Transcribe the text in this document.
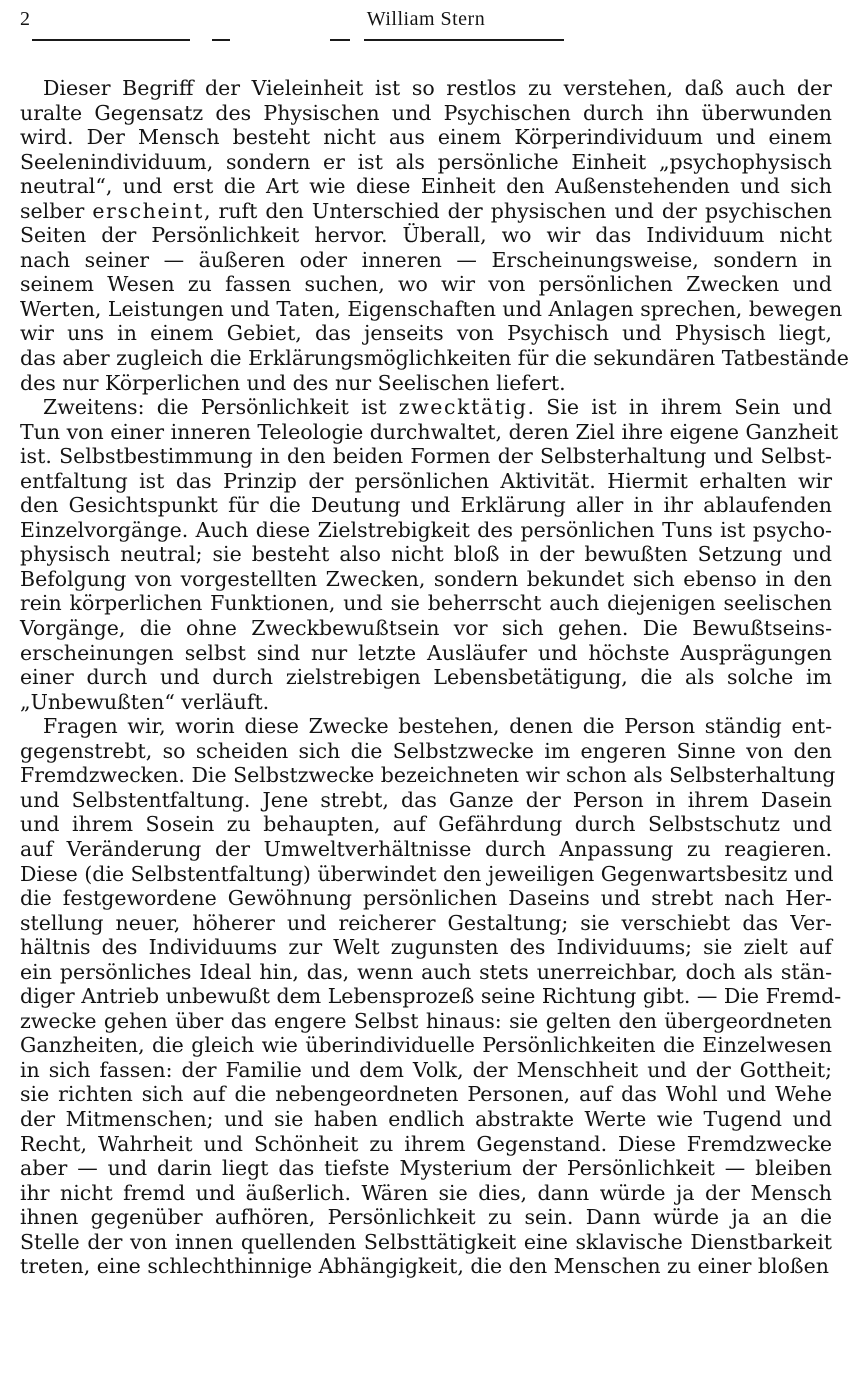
2	William Stern
Dieser Begriff der Vieleinheit ist so restlos zu verstehen, daß auch der
uralte Gegensatz des Physischen und Psychischen durch ihn überwunden
wird. Der Mensch besteht nicht aus einem Körperindividuum und einem
Seelenindividuum, sondern er ist als persönliche Einheit „psychophysisch
neutral“, und erst die Art wie diese Einheit den Außenstehenden und sich
selber erscheint, ruft den Unterschied der physischen und der psychischen
Seiten der Persönlichkeit hervor. Überall, wo wir das Individuum nicht
nach seiner — äußeren oder inneren — Erscheinungsweise, sondern in
seinem Wesen zu fassen suchen, wo wir von persönlichen Zwecken und
Werten, Leistungen und Taten, Eigenschaften und Anlagen sprechen, bewegen
wir uns in einem Gebiet, das jenseits von Psychisch und Physisch liegt,
das aber zugleich die Erklärungsmöglichkeiten für die sekundären Tatbestände
des nur Körperlichen und des nur Seelischen liefert.
Zweitens: die Persönlichkeit ist zwecktätig. Sie ist in ihrem Sein und
Tun von einer inneren Teleologie durchwaltet, deren Ziel ihre eigene Ganzheit
ist. Selbstbestimmung in den beiden Formen der Selbsterhaltung und Selbst-
entfaltung ist das Prinzip der persönlichen Aktivität. Hiermit erhalten wir
den Gesichtspunkt für die Deutung und Erklärung aller in ihr ablaufenden
Einzelvorgänge. Auch diese Zielstrebigkeit des persönlichen Tuns ist psycho-
physisch neutral; sie besteht also nicht bloß in der bewußten Setzung und
Befolgung von vorgestellten Zwecken, sondern bekundet sich ebenso in den
rein körperlichen Funktionen, und sie beherrscht auch diejenigen seelischen
Vorgänge, die ohne Zweckbewußtsein vor sich gehen. Die Bewußtseins-
erscheinungen selbst sind nur letzte Ausläufer und höchste Ausprägungen
einer durch und durch zielstrebigen Lebensbetätigung, die als solche im
„Unbewußten“ verläuft.
Fragen wir, worin diese Zwecke bestehen, denen die Person ständig ent-
gegenstrebt, so scheiden sich die Selbstzwecke im engeren Sinne von den
Fremdzwecken. Die Selbstzwecke bezeichneten wir schon als Selbsterhaltung
und Selbstentfaltung. Jene strebt, das Ganze der Person in ihrem Dasein
und ihrem Sosein zu behaupten, auf Gefährdung durch Selbstschutz und
auf Veränderung der Umweltverhältnisse durch Anpassung zu reagieren.
Diese (die Selbstentfaltung) überwindet den jeweiligen Gegenwartsbesitz und
die festgewordene Gewöhnung persönlichen Daseins und strebt nach Her-
stellung neuer, höherer und reicherer Gestaltung; sie verschiebt das Ver-
hältnis des Individuums zur Welt zugunsten des Individuums; sie zielt auf
ein persönliches Ideal hin, das, wenn auch stets unerreichbar, doch als stän-
diger Antrieb unbewußt dem Lebensprozeß seine Richtung gibt. — Die Fremd-
zwecke gehen über das engere Selbst hinaus: sie gelten den übergeordneten
Ganzheiten, die gleich wie überindividuelle Persönlichkeiten die Einzelwesen
in sich fassen: der Familie und dem Volk, der Menschheit und der Gottheit;
sie richten sich auf die nebengeordneten Personen, auf das Wohl und Wehe
der Mitmenschen; und sie haben endlich abstrakte Werte wie Tugend und
Recht, Wahrheit und Schönheit zu ihrem Gegenstand. Diese Fremdzwecke
aber — und darin liegt das tiefste Mysterium der Persönlichkeit — bleiben
ihr nicht fremd und äußerlich. Wären sie dies, dann würde ja der Mensch
ihnen gegenüber aufhören, Persönlichkeit zu sein. Dann würde ja an die
Stelle der von innen quellenden Selbsttätigkeit eine sklavische Dienstbarkeit
treten, eine schlechthinnige Abhängigkeit, die den Menschen zu einer bloßen
